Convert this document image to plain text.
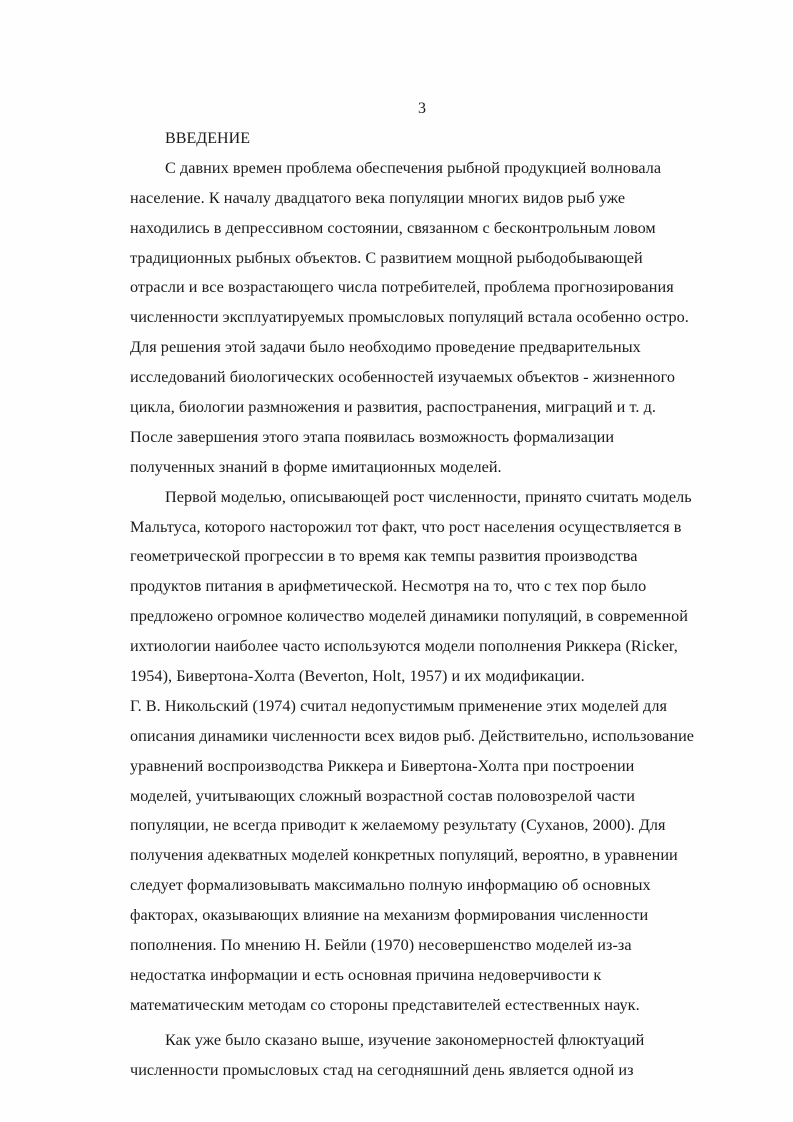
3
ВВЕДЕНИЕ
С давних времен проблема обеспечения рыбной продукцией волновала
население. К началу двадцатого века популяции многих видов рыб уже
находились в депрессивном состоянии, связанном с бесконтрольным ловом
традиционных рыбных объектов. С развитием мощной рыбодобывающей
отрасли и все возрастающего числа потребителей, проблема прогнозирования
численности эксплуатируемых промысловых популяций встала особенно остро.
Для решения этой задачи было необходимо проведение предварительных
исследований биологических особенностей изучаемых объектов - жизненного
цикла, биологии размножения и развития, распостранения, миграций и т. д.
После завершения этого этапа появилась возможность формализации
полученных знаний в форме имитационных моделей.
Первой моделью, описывающей рост численности, принято считать модель
Мальтуса, которого насторожил тот факт, что рост населения осуществляется в
геометрической прогрессии в то время как темпы развития производства
продуктов питания в арифметической. Несмотря на то, что с тех пор было
предложено огромное количество моделей динамики популяций, в современной
ихтиологии наиболее часто используются модели пополнения Риккера (Ricker,
1954), Бивертона-Холта (Beverton, Holt, 1957) и их модификации.
Г. В. Никольский (1974) считал недопустимым применение этих моделей для
описания динамики численности всех видов рыб. Действительно, использование
уравнений воспроизводства Риккера и Бивертона-Холта при построении
моделей, учитывающих сложный возрастной состав половозрелой части
популяции, не всегда приводит к желаемому результату (Суханов, 2000). Для
получения адекватных моделей конкретных популяций, вероятно, в уравнении
следует формализовывать максимально полную информацию об основных
факторах, оказывающих влияние на механизм формирования численности
пополнения. По мнению Н. Бейли (1970) несовершенство моделей из-за
недостатка информации и есть основная причина недоверчивости к
математическим методам со стороны представителей естественных наук.
Как уже было сказано выше, изучение закономерностей флюктуаций
численности промысловых стад на сегодняшний день является одной из
